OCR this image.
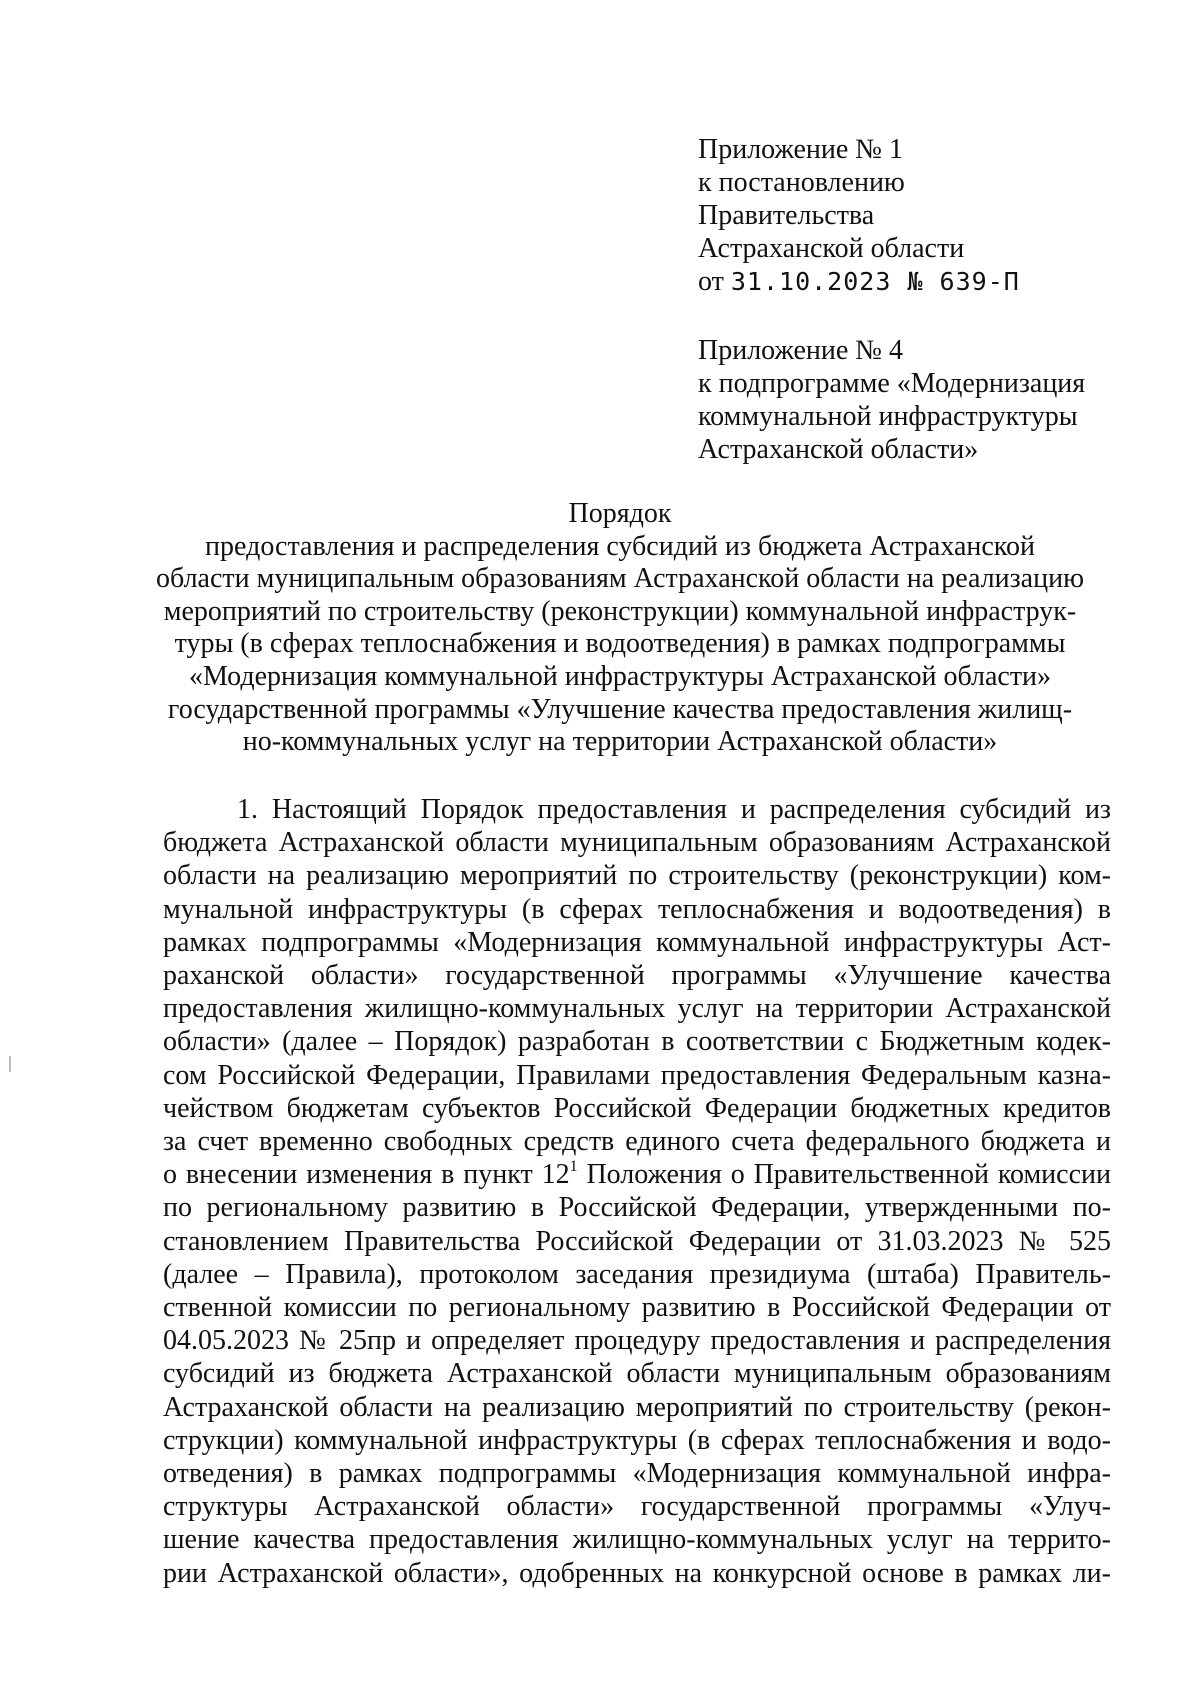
Приложение № 1
к постановлению
Правительства
Астраханской области
от 31.10.2023 № 639-П
Приложение № 4
к подпрограмме «Модернизация
коммунальной инфраструктуры
Астраханской области»
Порядок
предоставления и распределения субсидий из бюджета Астраханской
области муниципальным образованиям Астраханской области на реализацию
мероприятий по строительству (реконструкции) коммунальной инфраструк-
туры (в сферах теплоснабжения и водоотведения) в рамках подпрограммы
«Модернизация коммунальной инфраструктуры Астраханской области»
государственной программы «Улучшение качества предоставления жилищ-
но-коммунальных услуг на территории Астраханской области»
1. Настоящий Порядок предоставления и распределения субсидий из
бюджета Астраханской области муниципальным образованиям Астраханской
области на реализацию мероприятий по строительству (реконструкции) ком-
мунальной инфраструктуры (в сферах теплоснабжения и водоотведения) в
рамках подпрограммы «Модернизация коммунальной инфраструктуры Аст-
раханской области» государственной программы «Улучшение качества
предоставления жилищно-коммунальных услуг на территории Астраханской
области» (далее – Порядок) разработан в соответствии с Бюджетным кодек-
сом Российской Федерации, Правилами предоставления Федеральным казна-
чейством бюджетам субъектов Российской Федерации бюджетных кредитов
за счет временно свободных средств единого счета федерального бюджета и
о внесении изменения в пункт $12^1$ Положения о Правительственной комиссии
по региональному развитию в Российской Федерации, утвержденными по-
становлением Правительства Российской Федерации от 31.03.2023 № 525
(далее – Правила), протоколом заседания президиума (штаба) Правитель-
ственной комиссии по региональному развитию в Российской Федерации от
04.05.2023 № 25пр и определяет процедуру предоставления и распределения
субсидий из бюджета Астраханской области муниципальным образованиям
Астраханской области на реализацию мероприятий по строительству (рекон-
струкции) коммунальной инфраструктуры (в сферах теплоснабжения и водо-
отведения) в рамках подпрограммы «Модернизация коммунальной инфра-
структуры Астраханской области» государственной программы «Улуч-
шение качества предоставления жилищно-коммунальных услуг на террито-
рии Астраханской области», одобренных на конкурсной основе в рамках ли-
